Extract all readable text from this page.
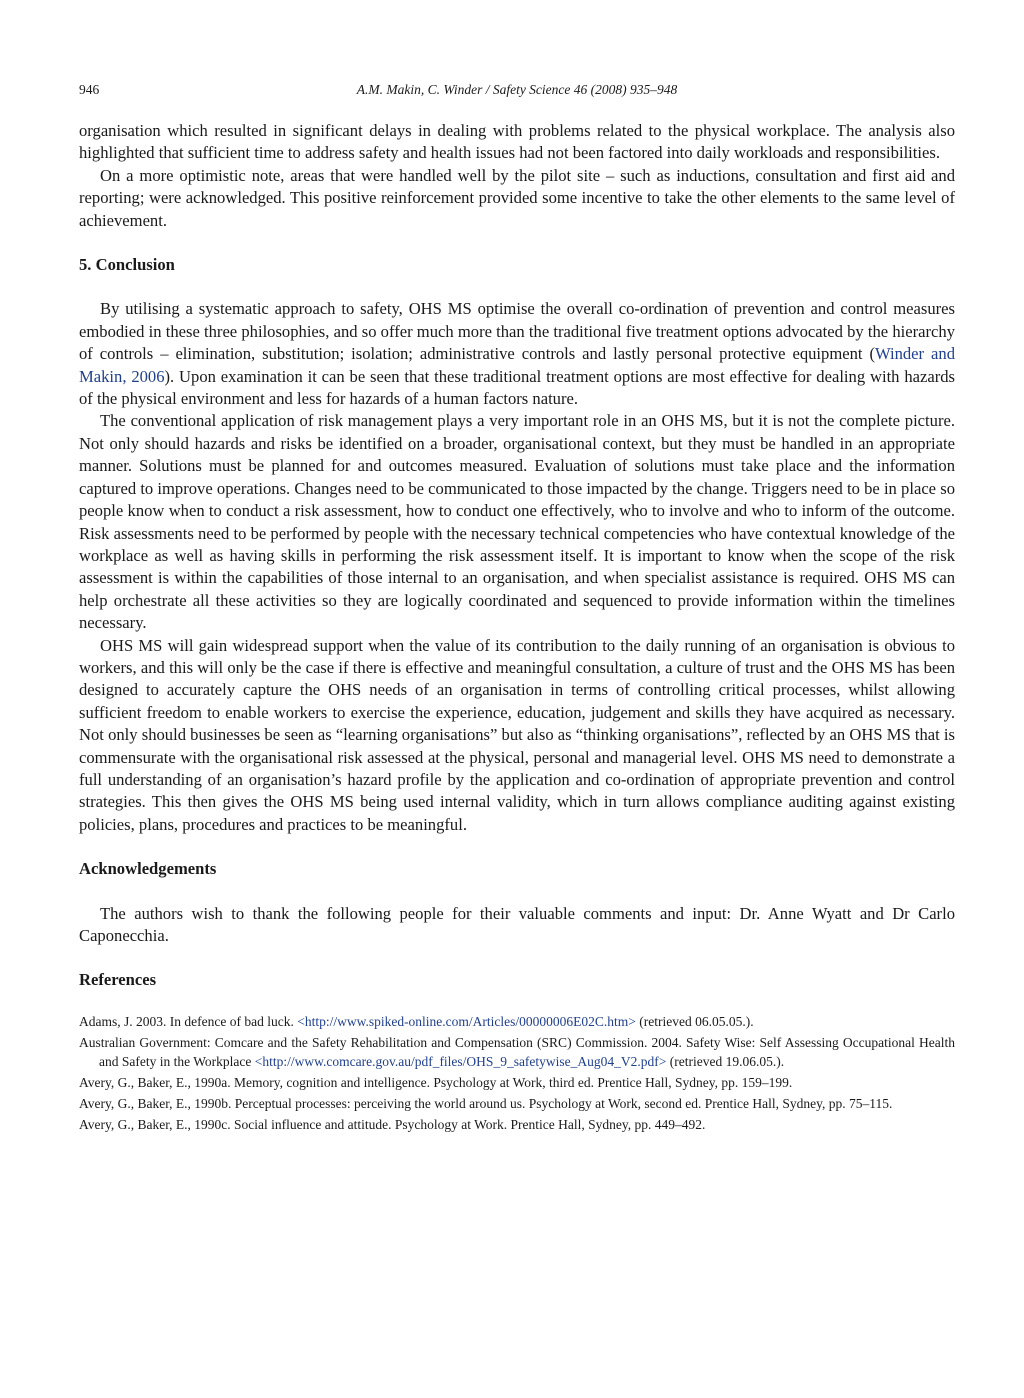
946	A.M. Makin, C. Winder / Safety Science 46 (2008) 935–948

organisation which resulted in significant delays in dealing with problems related to the physical workplace. The analysis also highlighted that sufficient time to address safety and health issues had not been factored into daily workloads and responsibilities.

On a more optimistic note, areas that were handled well by the pilot site – such as inductions, consultation and first aid and reporting; were acknowledged. This positive reinforcement provided some incentive to take the other elements to the same level of achievement.

5. Conclusion

By utilising a systematic approach to safety, OHS MS optimise the overall co-ordination of prevention and control measures embodied in these three philosophies, and so offer much more than the traditional five treatment options advocated by the hierarchy of controls – elimination, substitution; isolation; administrative controls and lastly personal protective equipment (Winder and Makin, 2006). Upon examination it can be seen that these traditional treatment options are most effective for dealing with hazards of the physical environment and less for hazards of a human factors nature.

The conventional application of risk management plays a very important role in an OHS MS, but it is not the complete picture. Not only should hazards and risks be identified on a broader, organisational context, but they must be handled in an appropriate manner. Solutions must be planned for and outcomes measured. Evaluation of solutions must take place and the information captured to improve operations. Changes need to be communicated to those impacted by the change. Triggers need to be in place so people know when to conduct a risk assessment, how to conduct one effectively, who to involve and who to inform of the outcome. Risk assessments need to be performed by people with the necessary technical competencies who have contextual knowledge of the workplace as well as having skills in performing the risk assessment itself. It is important to know when the scope of the risk assessment is within the capabilities of those internal to an organisation, and when specialist assistance is required. OHS MS can help orchestrate all these activities so they are logically coordinated and sequenced to provide information within the timelines necessary.

OHS MS will gain widespread support when the value of its contribution to the daily running of an organisation is obvious to workers, and this will only be the case if there is effective and meaningful consultation, a culture of trust and the OHS MS has been designed to accurately capture the OHS needs of an organisation in terms of controlling critical processes, whilst allowing sufficient freedom to enable workers to exercise the experience, education, judgement and skills they have acquired as necessary. Not only should businesses be seen as “learning organisations” but also as “thinking organisations”, reflected by an OHS MS that is commensurate with the organisational risk assessed at the physical, personal and managerial level. OHS MS need to demonstrate a full understanding of an organisation’s hazard profile by the application and co-ordination of appropriate prevention and control strategies. This then gives the OHS MS being used internal validity, which in turn allows compliance auditing against existing policies, plans, procedures and practices to be meaningful.

Acknowledgements

The authors wish to thank the following people for their valuable comments and input: Dr. Anne Wyatt and Dr Carlo Caponecchia.

References
Adams, J. 2003. In defence of bad luck. <http://www.spiked-online.com/Articles/00000006E02C.htm> (retrieved 06.05.05.).
Australian Government: Comcare and the Safety Rehabilitation and Compensation (SRC) Commission. 2004. Safety Wise: Self Assessing Occupational Health and Safety in the Workplace <http://www.comcare.gov.au/pdf_files/OHS_9_safetywise_Aug04_V2.pdf> (retrieved 19.06.05.).
Avery, G., Baker, E., 1990a. Memory, cognition and intelligence. Psychology at Work, third ed. Prentice Hall, Sydney, pp. 159–199.
Avery, G., Baker, E., 1990b. Perceptual processes: perceiving the world around us. Psychology at Work, second ed. Prentice Hall, Sydney, pp. 75–115.
Avery, G., Baker, E., 1990c. Social influence and attitude. Psychology at Work. Prentice Hall, Sydney, pp. 449–492.
